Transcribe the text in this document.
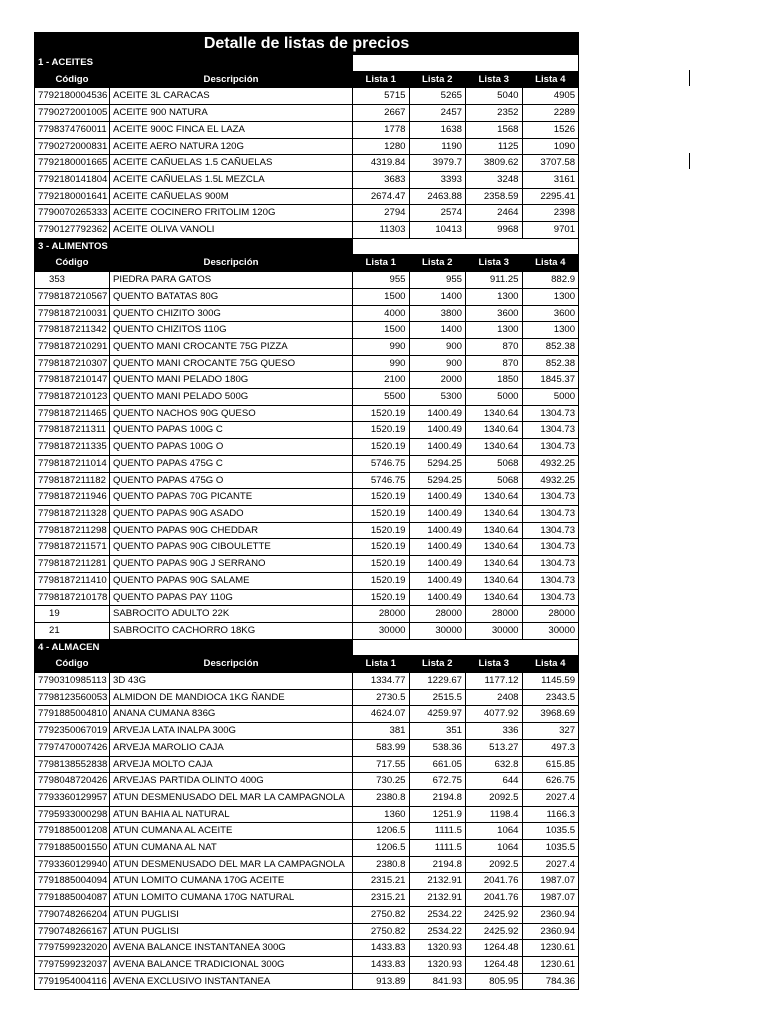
Detalle de listas de precios					
1 - ACEITES					
Código	Descripción	Lista 1	Lista 2	Lista 3	Lista 4
7792180004536	ACEITE 3L CARACAS	5715	5265	5040	4905
7790272001005	ACEITE 900 NATURA	2667	2457	2352	2289
7798374760011	ACEITE 900C FINCA EL LAZA	1778	1638	1568	1526
7790272000831	ACEITE AERO NATURA 120G	1280	1190	1125	1090
7792180001665	ACEITE CAÑUELAS 1.5 CAÑUELAS	4319.84	3979.7	3809.62	3707.58
7792180141804	ACEITE CAÑUELAS 1.5L MEZCLA	3683	3393	3248	3161
7792180001641	ACEITE CAÑUELAS 900M	2674.47	2463.88	2358.59	2295.41
7790070265333	ACEITE COCINERO FRITOLIM 120G	2794	2574	2464	2398
7790127792362	ACEITE OLIVA VANOLI	11303	10413	9968	9701
3 - ALIMENTOS					
Código	Descripción	Lista 1	Lista 2	Lista 3	Lista 4
353	PIEDRA PARA GATOS	955	955	911.25	882.9
7798187210567	QUENTO BATATAS 80G	1500	1400	1300	1300
7798187210031	QUENTO CHIZITO 300G	4000	3800	3600	3600
7798187211342	QUENTO CHIZITOS 110G	1500	1400	1300	1300
7798187210291	QUENTO MANI CROCANTE 75G PIZZA	990	900	870	852.38
7798187210307	QUENTO MANI CROCANTE 75G QUESO	990	900	870	852.38
7798187210147	QUENTO MANI PELADO 180G	2100	2000	1850	1845.37
7798187210123	QUENTO MANI PELADO 500G	5500	5300	5000	5000
7798187211465	QUENTO NACHOS 90G QUESO	1520.19	1400.49	1340.64	1304.73
7798187211311	QUENTO PAPAS 100G C	1520.19	1400.49	1340.64	1304.73
7798187211335	QUENTO PAPAS 100G O	1520.19	1400.49	1340.64	1304.73
7798187211014	QUENTO PAPAS 475G C	5746.75	5294.25	5068	4932.25
7798187211182	QUENTO PAPAS 475G O	5746.75	5294.25	5068	4932.25
7798187211946	QUENTO PAPAS 70G PICANTE	1520.19	1400.49	1340.64	1304.73
7798187211328	QUENTO PAPAS 90G ASADO	1520.19	1400.49	1340.64	1304.73
7798187211298	QUENTO PAPAS 90G CHEDDAR	1520.19	1400.49	1340.64	1304.73
7798187211571	QUENTO PAPAS 90G CIBOULETTE	1520.19	1400.49	1340.64	1304.73
7798187211281	QUENTO PAPAS 90G J SERRANO	1520.19	1400.49	1340.64	1304.73
7798187211410	QUENTO PAPAS 90G SALAME	1520.19	1400.49	1340.64	1304.73
7798187210178	QUENTO PAPAS PAY 110G	1520.19	1400.49	1340.64	1304.73
19	SABROCITO ADULTO 22K	28000	28000	28000	28000
21	SABROCITO CACHORRO 18KG	30000	30000	30000	30000
4 - ALMACEN					
Código	Descripción	Lista 1	Lista 2	Lista 3	Lista 4
7790310985113	3D 43G	1334.77	1229.67	1177.12	1145.59
7798123560053	ALMIDON DE MANDIOCA 1KG ÑANDE	2730.5	2515.5	2408	2343.5
7791885004810	ANANA CUMANA 836G	4624.07	4259.97	4077.92	3968.69
7792350067019	ARVEJA LATA INALPA 300G	381	351	336	327
7797470007426	ARVEJA MAROLIO CAJA	583.99	538.36	513.27	497.3
7798138552838	ARVEJA MOLTO CAJA	717.55	661.05	632.8	615.85
7798048720426	ARVEJAS PARTIDA OLINTO 400G	730.25	672.75	644	626.75
7793360129957	ATUN DESMENUSADO DEL MAR LA CAMPAGNOLA	2380.8	2194.8	2092.5	2027.4
7795933000298	ATUN BAHIA AL NATURAL	1360	1251.9	1198.4	1166.3
7791885001208	ATUN CUMANA AL ACEITE	1206.5	1111.5	1064	1035.5
7791885001550	ATUN CUMANA AL NAT	1206.5	1111.5	1064	1035.5
7793360129940	ATUN DESMENUSADO DEL MAR LA CAMPAGNOLA	2380.8	2194.8	2092.5	2027.4
7791885004094	ATUN LOMITO CUMANA 170G ACEITE	2315.21	2132.91	2041.76	1987.07
7791885004087	ATUN LOMITO CUMANA 170G NATURAL	2315.21	2132.91	2041.76	1987.07
7790748266204	ATUN PUGLISI	2750.82	2534.22	2425.92	2360.94
7790748266167	ATUN PUGLISI	2750.82	2534.22	2425.92	2360.94
7797599232020	AVENA BALANCE INSTANTANEA 300G	1433.83	1320.93	1264.48	1230.61
7797599232037	AVENA BALANCE TRADICIONAL 300G	1433.83	1320.93	1264.48	1230.61
7791954004116	AVENA EXCLUSIVO INSTANTANEA	913.89	841.93	805.95	784.36
